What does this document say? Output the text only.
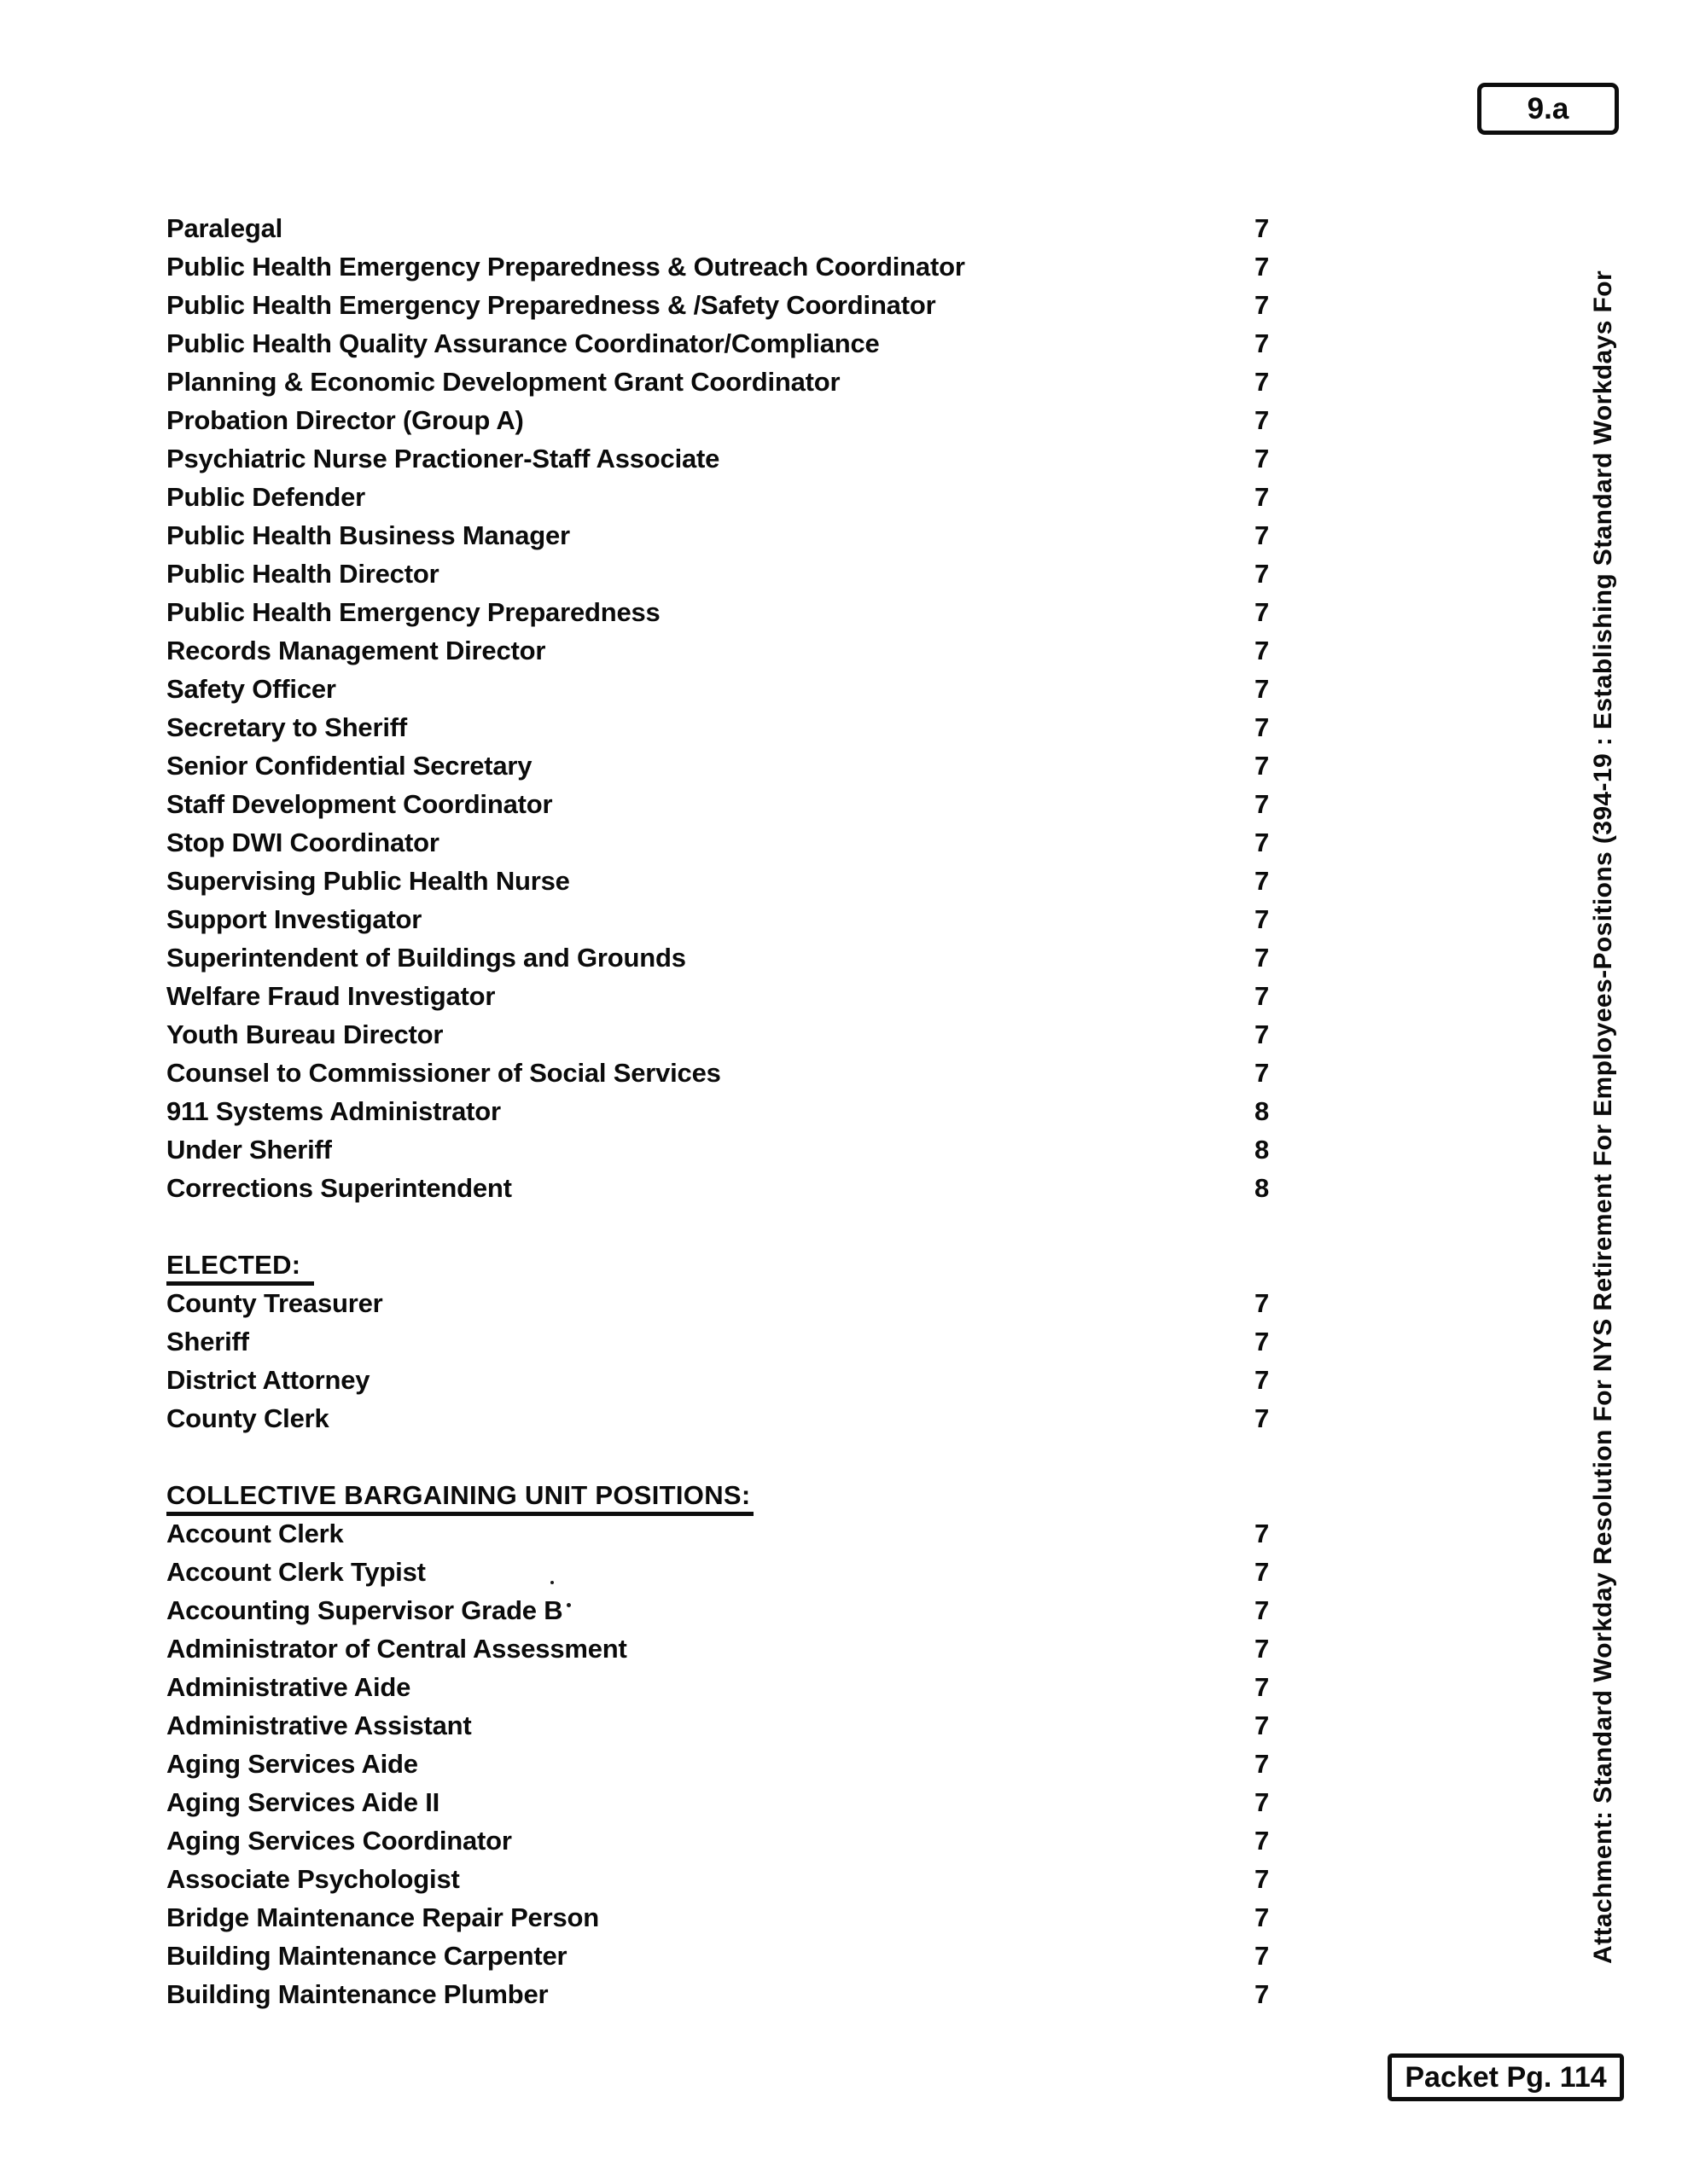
9.a
Paralegal	7
Public Health Emergency Preparedness & Outreach Coordinator	7
Public Health Emergency Preparedness & /Safety Coordinator	7
Public Health Quality Assurance Coordinator/Compliance	7
Planning & Economic Development Grant Coordinator	7
Probation Director (Group A)	7
Psychiatric Nurse Practioner-Staff Associate	7
Public Defender	7
Public Health Business Manager	7
Public Health Director	7
Public Health Emergency Preparedness	7
Records Management Director	7
Safety Officer	7
Secretary to Sheriff	7
Senior Confidential Secretary	7
Staff Development Coordinator	7
Stop DWI Coordinator	7
Supervising Public Health Nurse	7
Support Investigator	7
Superintendent of Buildings and Grounds	7
Welfare Fraud Investigator	7
Youth Bureau Director	7
Counsel to Commissioner of Social Services	7
911 Systems Administrator	8
Under Sheriff	8
Corrections Superintendent	8
ELECTED:
County Treasurer	7
Sheriff	7
District Attorney	7
County Clerk	7
COLLECTIVE BARGAINING UNIT POSITIONS:
Account Clerk	7
Account Clerk Typist	7
Accounting Supervisor Grade B	7
Administrator of Central Assessment	7
Administrative Aide	7
Administrative Assistant	7
Aging Services Aide	7
Aging Services Aide II	7
Aging Services Coordinator	7
Associate Psychologist	7
Bridge Maintenance Repair Person	7
Building Maintenance Carpenter	7
Building Maintenance Plumber	7
Attachment: Standard Workday Resolution For NYS Retirement For Employees-Positions (394-19 : Establishing Standard Workdays For
Packet Pg. 114
